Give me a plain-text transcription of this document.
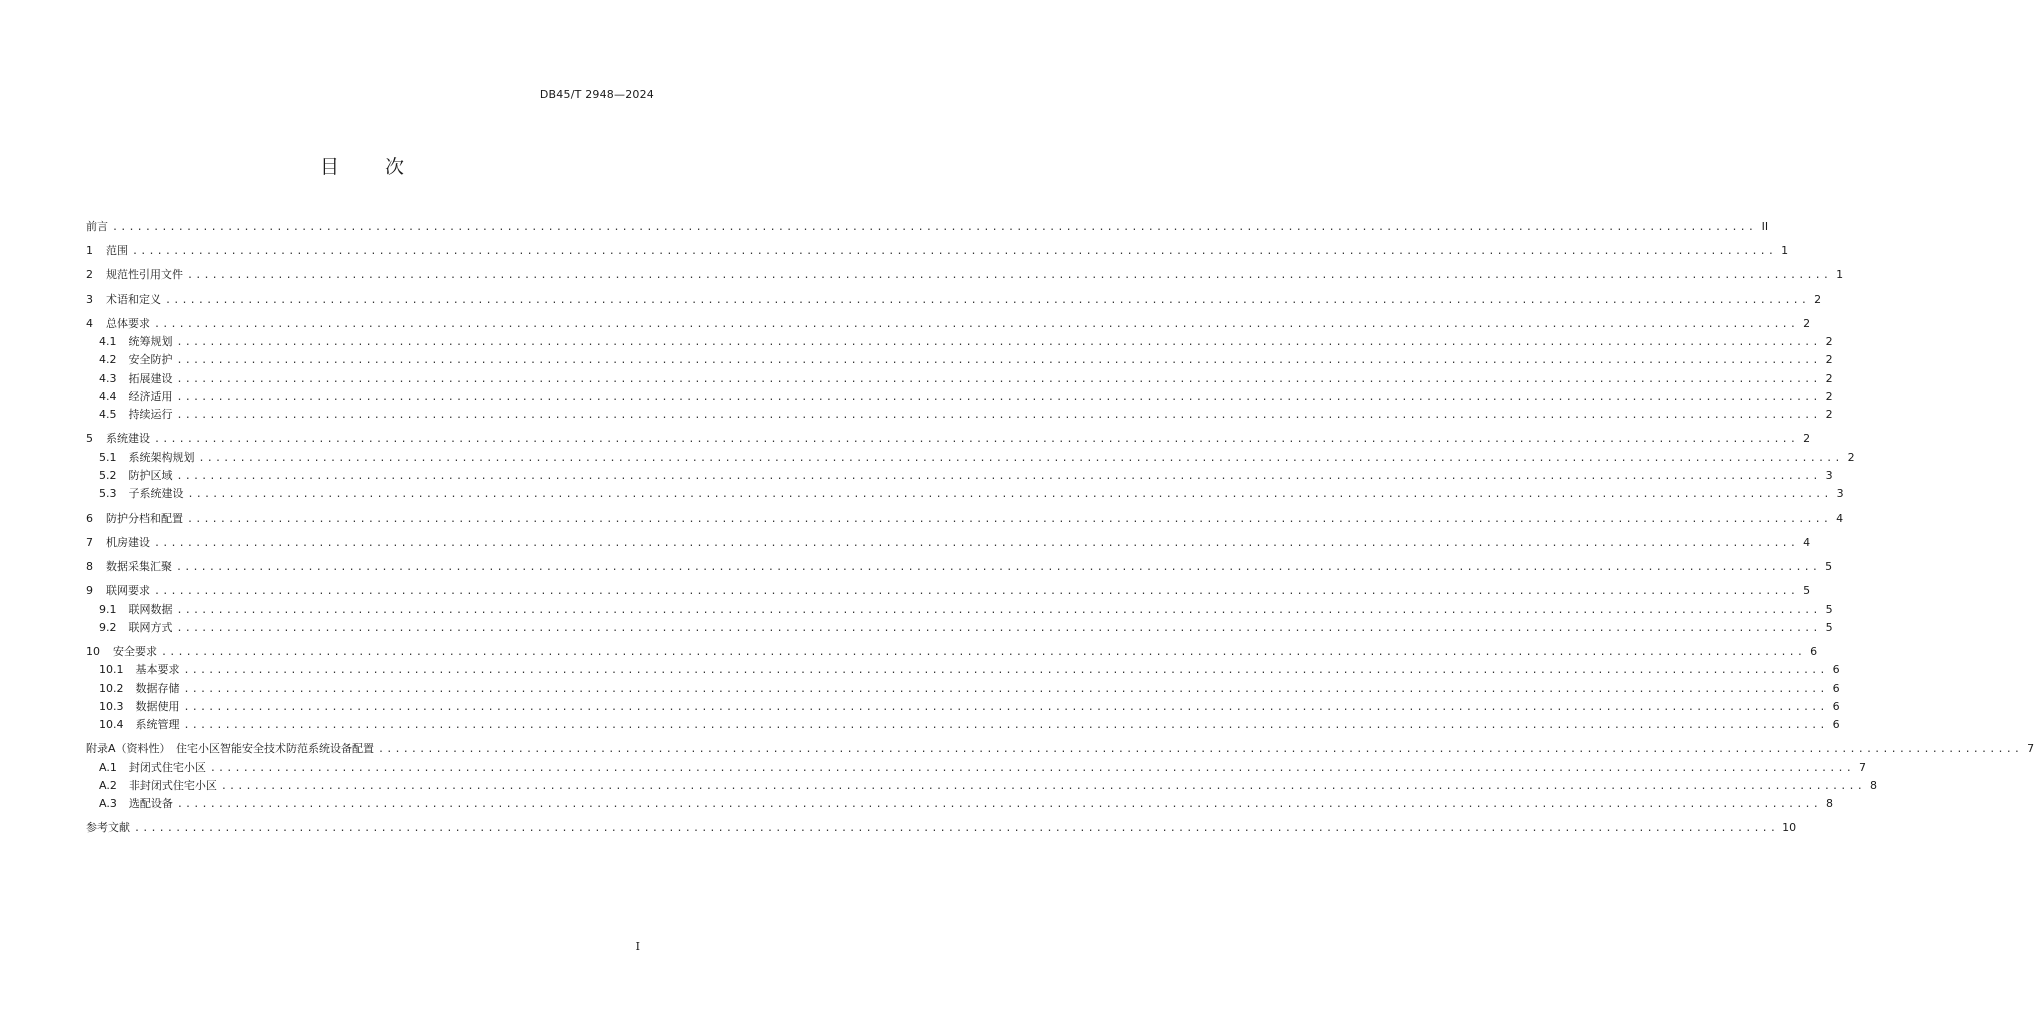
DB45/T 2948—2024
目 次
前言 ........................................................................................................................................................................................................ II
1 范围 ........................................................................................................................................................................................................ 1
2 规范性引用文件 ........................................................................................................................................................................................................ 1
3 术语和定义 ........................................................................................................................................................................................................ 2
4 总体要求 ........................................................................................................................................................................................................ 2
4.1 统筹规划 ........................................................................................................................................................................................................ 2
4.2 安全防护 ........................................................................................................................................................................................................ 2
4.3 拓展建设 ........................................................................................................................................................................................................ 2
4.4 经济适用 ........................................................................................................................................................................................................ 2
4.5 持续运行 ........................................................................................................................................................................................................ 2
5 系统建设 ........................................................................................................................................................................................................ 2
5.1 系统架构规划 ........................................................................................................................................................................................................ 2
5.2 防护区域 ........................................................................................................................................................................................................ 3
5.3 子系统建设 ........................................................................................................................................................................................................ 3
6 防护分档和配置 ........................................................................................................................................................................................................ 4
7 机房建设 ........................................................................................................................................................................................................ 4
8 数据采集汇聚 ........................................................................................................................................................................................................ 5
9 联网要求 ........................................................................................................................................................................................................ 5
9.1 联网数据 ........................................................................................................................................................................................................ 5
9.2 联网方式 ........................................................................................................................................................................................................ 5
10 安全要求 ........................................................................................................................................................................................................ 6
10.1 基本要求 ........................................................................................................................................................................................................ 6
10.2 数据存储 ........................................................................................................................................................................................................ 6
10.3 数据使用 ........................................................................................................................................................................................................ 6
10.4 系统管理 ........................................................................................................................................................................................................ 6
附录A（资料性）　住宅小区智能安全技术防范系统设备配置 ........................................................................................................................................................................................................ 7
A.1 封闭式住宅小区 ........................................................................................................................................................................................................ 7
A.2 非封闭式住宅小区 ........................................................................................................................................................................................................ 8
A.3 选配设备 ........................................................................................................................................................................................................ 8
参考文献 ........................................................................................................................................................................................................ 10
I
